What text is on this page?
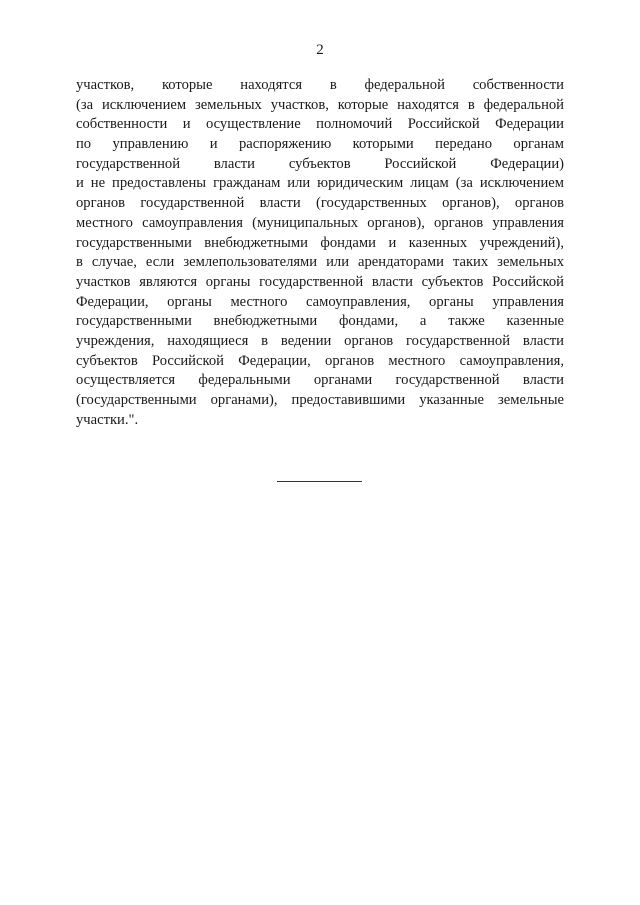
2
участков, которые находятся в федеральной собственности
(за исключением земельных участков, которые находятся в федеральной
собственности и осуществление полномочий Российской Федерации
по управлению и распоряжению которыми передано органам
государственной власти субъектов Российской Федерации)
и не предоставлены гражданам или юридическим лицам (за исключением
органов государственной власти (государственных органов), органов
местного самоуправления (муниципальных органов), органов управления
государственными внебюджетными фондами и казенных учреждений),
в случае, если землепользователями или арендаторами таких земельных
участков являются органы государственной власти субъектов Российской
Федерации, органы местного самоуправления, органы управления
государственными внебюджетными фондами, а также казенные
учреждения, находящиеся в ведении органов государственной власти
субъектов Российской Федерации, органов местного самоуправления,
осуществляется федеральными органами государственной власти
(государственными органами), предоставившими указанные земельные
участки.".
